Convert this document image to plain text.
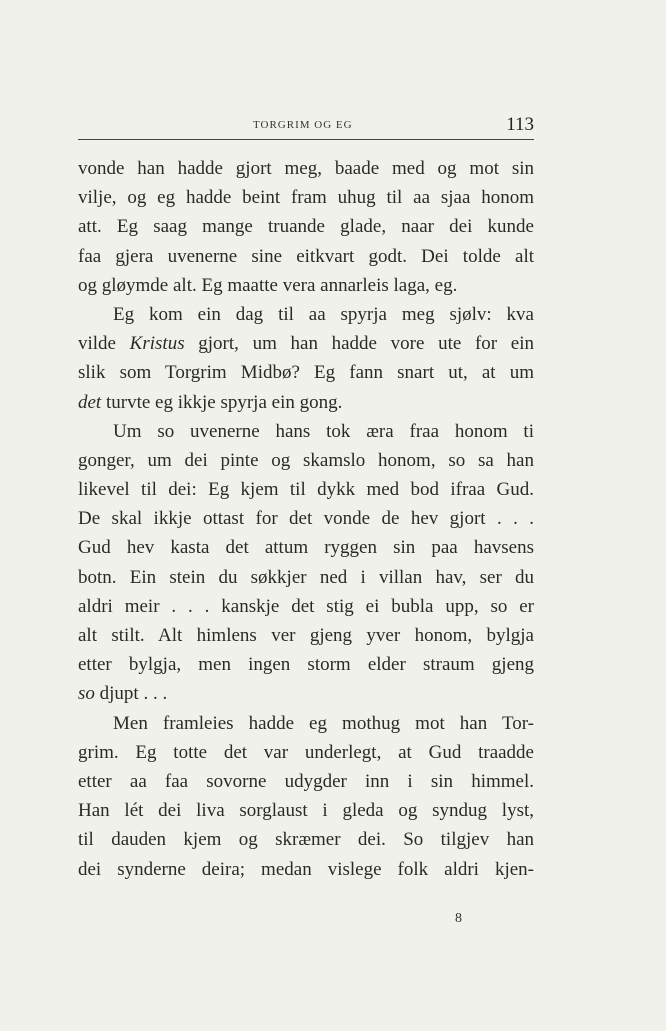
TORGRIM OG EG	113
vonde han hadde gjort meg, baade med og mot sin
vilje, og eg hadde beint fram uhug til aa sjaa honom
att. Eg saag mange truande glade, naar dei kunde
faa gjera uvenerne sine eitkvart godt. Dei tolde alt
og gløymde alt. Eg maatte vera annarleis laga, eg.
Eg kom ein dag til aa spyrja meg sjølv: kva
vilde Kristus gjort, um han hadde vore ute for ein
slik som Torgrim Midbø? Eg fann snart ut, at um
det turvte eg ikkje spyrja ein gong.
Um so uvenerne hans tok æra fraa honom ti
gonger, um dei pinte og skamslo honom, so sa han
likevel til dei: Eg kjem til dykk med bod ifraa Gud.
De skal ikkje ottast for det vonde de hev gjort . . .
Gud hev kasta det attum ryggen sin paa havsens
botn. Ein stein du søkkjer ned i villan hav, ser du
aldri meir . . . kanskje det stig ei bubla upp, so er
alt stilt. Alt himlens ver gjeng yver honom, bylgja
etter bylgja, men ingen storm elder straum gjeng
so djupt . . .
Men framleies hadde eg mothug mot han Tor-
grim. Eg totte det var underlegt, at Gud traadde
etter aa faa sovorne udygder inn i sin himmel.
Han lét dei liva sorglaust i gleda og syndug lyst,
til dauden kjem og skræmer dei. So tilgjev han
dei synderne deira; medan vislege folk aldri kjen-
8
